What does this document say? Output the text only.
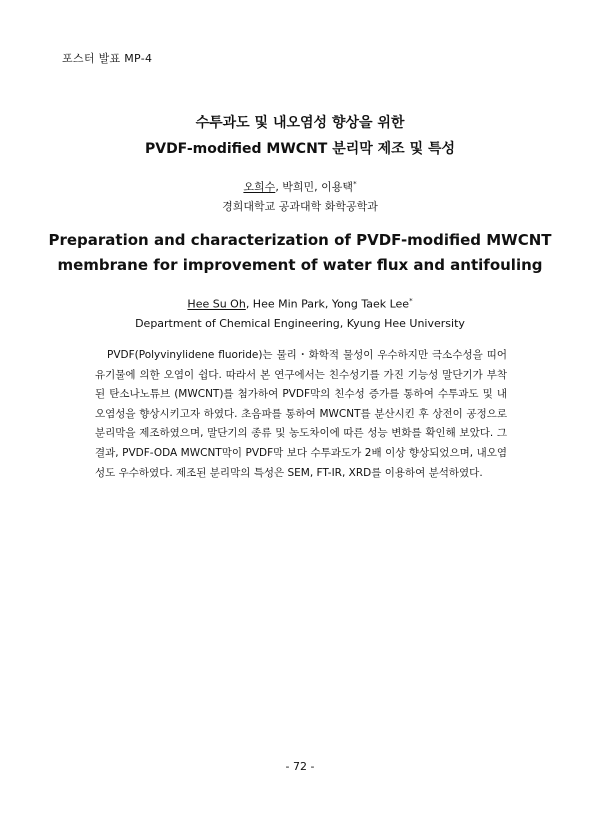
포스터 발표 MP-4
수투과도 및 내오염성 향상을 위한
PVDF-modified MWCNT 분리막 제조 및 특성
오희수, 박희민, 이용택*
경희대학교 공과대학 화학공학과
Preparation and characterization of PVDF-modified MWCNT
membrane for improvement of water flux and antifouling
Hee Su Oh, Hee Min Park, Yong Taek Lee*
Department of Chemical Engineering, Kyung Hee University
PVDF(Polyvinylidene fluoride)는 물리・화학적 물성이 우수하지만 극소수성을 띠어 유기물에 의한 오염이 쉽다. 따라서 본 연구에서는 친수성기를 가진 기능성 말단기가 부착된 탄소나노튜브 (MWCNT)를 첨가하여 PVDF막의 친수성 증가를 통하여 수투과도 및 내오염성을 향상시키고자 하였다. 초음파를 통하여 MWCNT를 분산시킨 후 상전이 공정으로 분리막을 제조하였으며, 말단기의 종류 및 농도차이에 따른 성능 변화를 확인해 보았다. 그 결과, PVDF-ODA MWCNT막이 PVDF막 보다 수투과도가 2배 이상 향상되었으며, 내오염성도 우수하였다. 제조된 분리막의 특성은 SEM, FT-IR, XRD를 이용하여 분석하였다.
- 72 -
